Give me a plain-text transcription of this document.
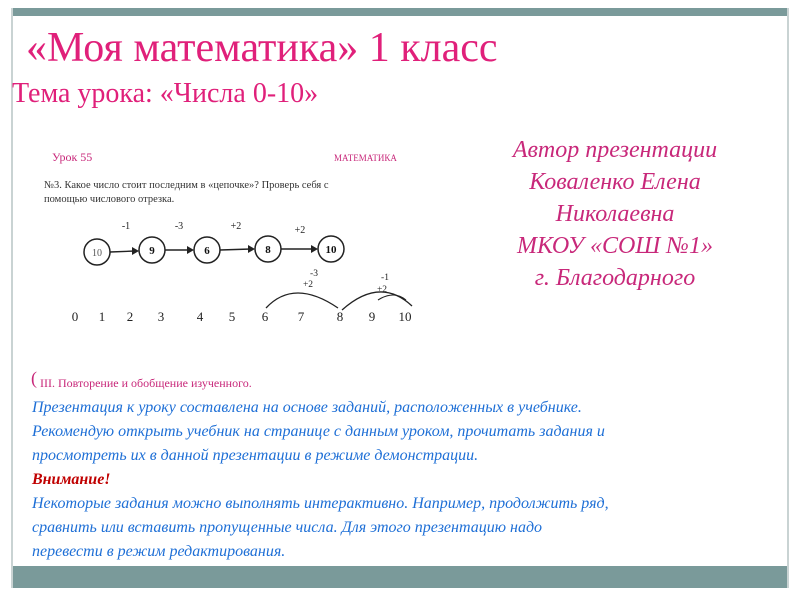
«Моя математика» 1 класс
Тема урока: «Числа 0-10»
Урок 55	МАТЕМАТИКА
№3. Какое число стоит последним в «цепочке»? Проверь себя с
помощью числового отрезка.
10	9	6	8	10
-1	-3	+2	+2
-3
+2
-1
+2
0 1 2 3	4 5 6 7	8 9 10
Автор презентации
Коваленко Елена
Николаевна
МКОУ «СОШ №1»
г. Благодарного
( III. Повторение и обобщение изученного.
Презентация к уроку составлена на основе заданий, расположенных в учебнике.
Рекомендую открыть учебник на странице с данным уроком, прочитать задания и
просмотреть их в данной презентации в режиме демонстрации.
Внимание!
Некоторые задания можно выполнять интерактивно. Например, продолжить ряд,
сравнить или вставить пропущенные числа. Для этого презентацию надо
перевести в режим редактирования.
